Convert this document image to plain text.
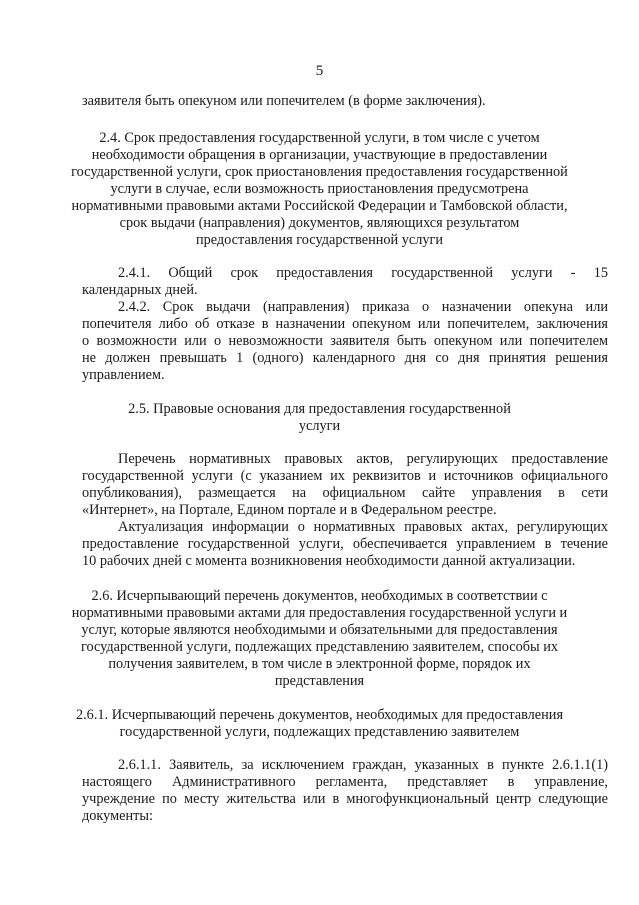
5
заявителя быть опекуном или попечителем (в форме заключения).
2.4. Срок предоставления государственной услуги, в том числе с учетом
необходимости обращения в организации, участвующие в предоставлении
государственной услуги, срок приостановления предоставления государственной
услуги в случае, если возможность приостановления предусмотрена
нормативными правовыми актами Российской Федерации и Тамбовской области,
срок выдачи (направления) документов, являющихся результатом
предоставления государственной услуги
2.4.1. Общий срок предоставления государственной услуги - 15
календарных дней.
2.4.2. Срок выдачи (направления) приказа о назначении опекуна или
попечителя либо об отказе в назначении опекуном или попечителем, заключения
о возможности или о невозможности заявителя быть опекуном или попечителем
не должен превышать 1 (одного) календарного дня со дня принятия решения
управлением.
2.5. Правовые основания для предоставления государственной
услуги
Перечень нормативных правовых актов, регулирующих предоставление
государственной услуги (с указанием их реквизитов и источников официального
опубликования), размещается на официальном сайте управления в сети
«Интернет», на Портале, Едином портале и в Федеральном реестре.
Актуализация информации о нормативных правовых актах, регулирующих
предоставление государственной услуги, обеспечивается управлением в течение
10 рабочих дней с момента возникновения необходимости данной актуализации.
2.6. Исчерпывающий перечень документов, необходимых в соответствии с
нормативными правовыми актами для предоставления государственной услуги и
услуг, которые являются необходимыми и обязательными для предоставления
государственной услуги, подлежащих представлению заявителем, способы их
получения заявителем, в том числе в электронной форме, порядок их
представления
2.6.1. Исчерпывающий перечень документов, необходимых для предоставления
государственной услуги, подлежащих представлению заявителем
2.6.1.1. Заявитель, за исключением граждан, указанных в пункте 2.6.1.1(1)
настоящего Административного регламента, представляет в управление,
учреждение по месту жительства или в многофункциональный центр следующие
документы:
